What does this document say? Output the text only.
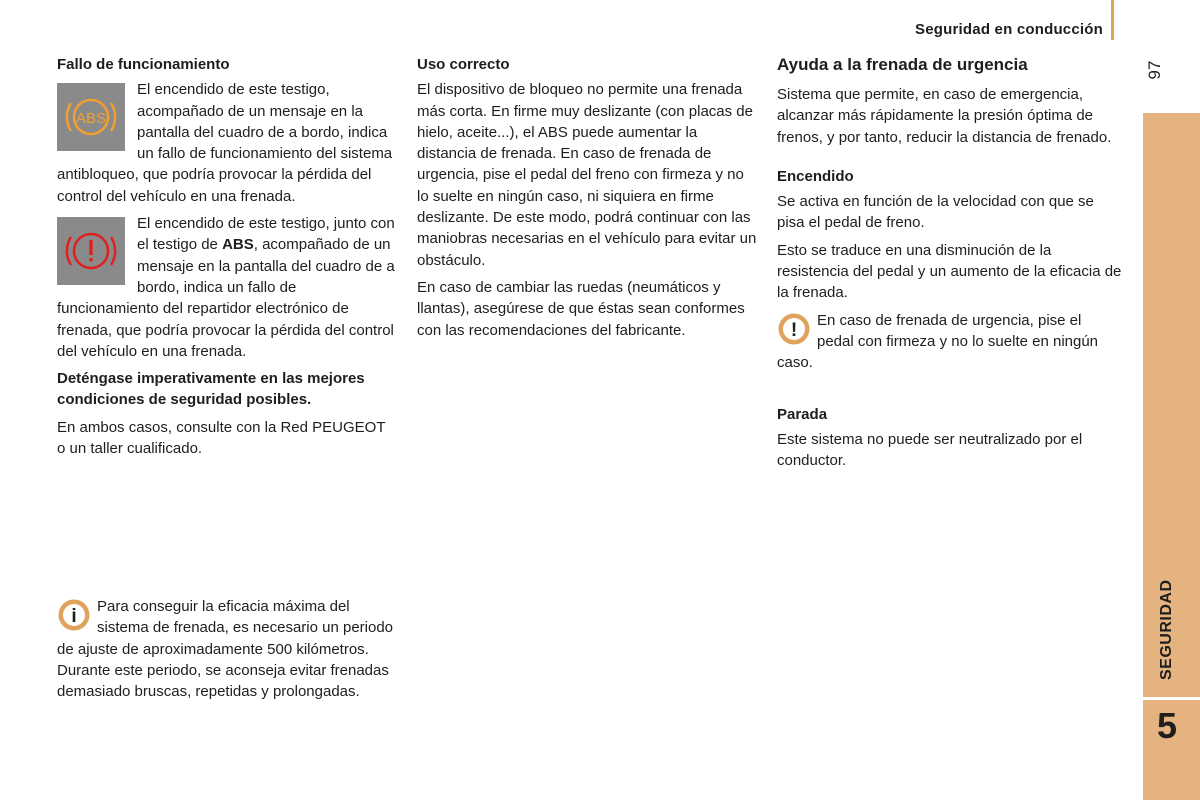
Seguridad en conducción
97
SEGURIDAD
5
Fallo de funcionamiento
ABS

El encendido de este testigo, acompañado de un mensaje en la pantalla del cuadro de a bordo, indica un fallo de funcionamiento del sistema antibloqueo, que podría provocar la pérdida del control del vehículo en una frenada.

El encendido de este testigo, junto con el testigo de ABS, acompañado de un mensaje en la pantalla del cuadro de a bordo, indica un fallo de funcionamiento del repartidor electrónico de frenada, que podría provocar la pérdida del control del vehículo en una frenada.

Deténgase imperativamente en las mejores condiciones de seguridad posibles.

En ambos casos, consulte con la Red PEUGEOT o un taller cualificado.

i	Para conseguir la eficacia máxima del sistema de frenada, es necesario un periodo de ajuste de aproximadamente 500 kilómetros. Durante este periodo, se aconseja evitar frenadas demasiado bruscas, repetidas y prolongadas.

Uso correcto

El dispositivo de bloqueo no permite una frenada más corta. En firme muy deslizante (con placas de hielo, aceite...), el ABS puede aumentar la distancia de frenada. En caso de frenada de urgencia, pise el pedal del freno con firmeza y no lo suelte en ningún caso, ni siquiera en firme deslizante. De este modo, podrá continuar con las maniobras necesarias en el vehículo para evitar un obstáculo.

En caso de cambiar las ruedas (neumáticos y llantas), asegúrese de que éstas sean conformes con las recomendaciones del fabricante.

Ayuda a la frenada de urgencia

Sistema que permite, en caso de emergencia, alcanzar más rápidamente la presión óptima de frenos, y por tanto, reducir la distancia de frenado.

Encendido

Se activa en función de la velocidad con que se pisa el pedal de freno.

Esto se traduce en una disminución de la resistencia del pedal y un aumento de la eficacia de la frenada.

!	En caso de frenada de urgencia, pise el pedal con firmeza y no lo suelte en ningún caso.

Parada

Este sistema no puede ser neutralizado por el conductor.
